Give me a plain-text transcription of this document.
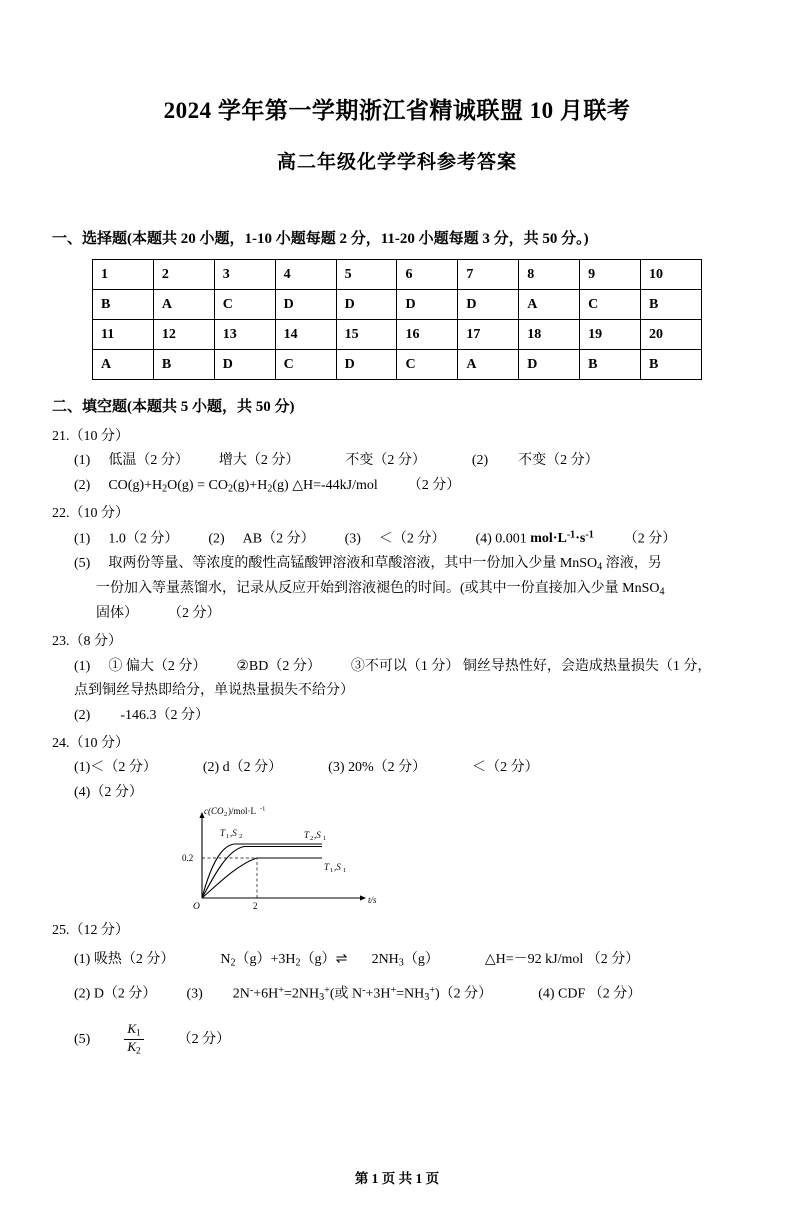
2024 学年第一学期浙江省精诚联盟 10 月联考
高二年级化学学科参考答案
一、选择题(本题共 20 小题，1-10 小题每题 2 分，11-20 小题每题 3 分，共 50 分。)
1	2	3	4	5	6	7	8	9	10
B	A	C	D	D	D	D	A	C	B
11	12	13	14	15	16	17	18	19	20
A	B	D	C	D	C	A	D	B	B
二、填空题(本题共 5 小题，共 50 分)
21.（10 分）
(1) 低温（2 分） 增大（2 分）	不变（2 分）	(2) 不变（2 分）
(2) $CO(g)+H_2O(g) = CO_2(g)+H_2(g)$ △H=-44kJ/mol （2 分）
22.（10 分）
(1) 1.0（2 分） (2) AB（2 分） (3) ＜（2 分） (4) 0.001 $mol\cdot L^{-1}\cdot s^{-1}$ （2 分）
(5) 取两份等量、等浓度的酸性高锰酸钾溶液和草酸溶液，其中一份加入少量 MnSO$_4$ 溶液，另
一份加入等量蒸馏水，记录从反应开始到溶液褪色的时间。(或其中一份直接加入少量 MnSO$_4$
固体） （2 分）
23.（8 分）
(1) ① 偏大（2 分） ②BD（2 分） ③不可以（1 分） 铜丝导热性好，会造成热量损失（1 分，
点到铜丝导热即给分，单说热量损失不给分）
(2) -146.3（2 分）
24.（10 分）
(1)＜（2 分）	(2) d（2 分）	(3) 20%（2 分）	＜（2 分）
(4)（2 分）
c(CO 2 )/mol·L -1
0.2
O	2
t/s
T 1 ,S 2	T 2 ,S 1
T 1 ,S 1
25.（12 分）
(1) 吸热（2 分）	$N_2(g)+3H_2(g)\rightleftharpoons$ $2NH_3(g)$	△H=－92 kJ/mol （2 分）
(2) D（2 分） (3) $2N^-+6H^+=2NH_3^+$(或 $N^-+3H^+=NH_3^+)(2$ 分）	(4) CDF （2 分）
(5)	$\frac{K_1}{K_2} (2$ 分）
第 1 页 共 1 页
